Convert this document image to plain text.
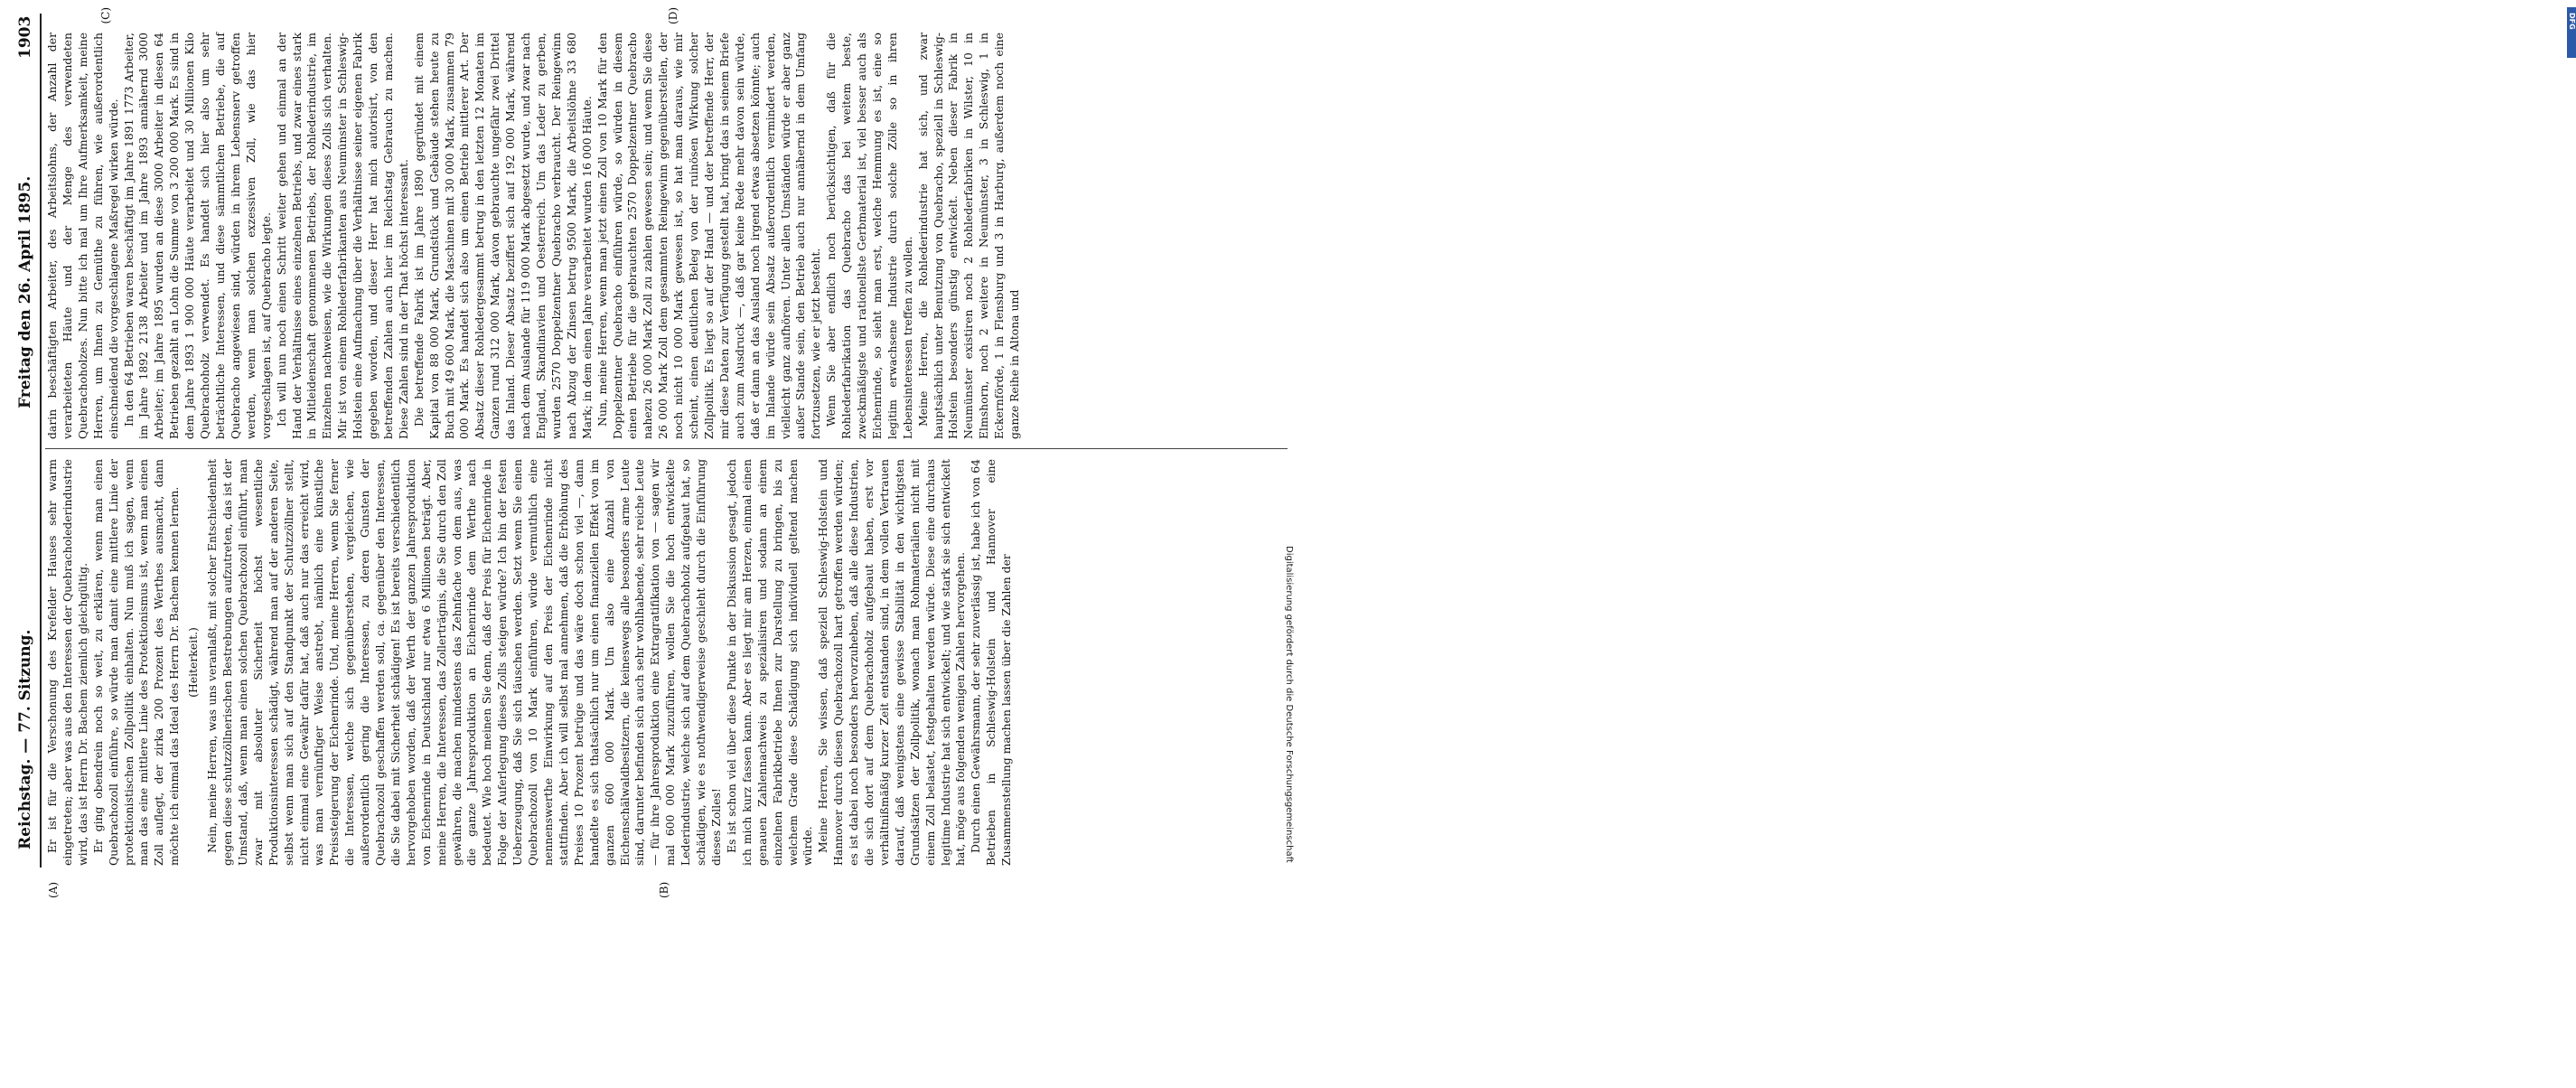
Reichstag. — 77. Sitzung.
Freitag den 26. April 1895.
1903
(A)	(B)
(C)	(D)

Er ist für die Verschonung des Krefelder Hauses sehr warm eingetreten; aber was aus den Interessen der Quebracholederindustrie wird, das ist Herrn Dr. Bachem ziemlich gleichgültig. Er ging obendrein noch so weit, zu erklären, wenn man einen Quebrachozoll einführe, so würde man damit eine mittlere Linie der protektionistischen Zollpolitik einhalten. Nun muß ich sagen, wenn man das eine mittlere Linie des Protektionismus ist, wenn man einen Zoll auflegt, der zirka 200 Prozent des Werthes ausmacht, dann möchte ich einmal das Ideal des Herrn Dr. Bachem kennen lernen. (Heiterkeit.) Nein, meine Herren, was uns veranlaßt, mit solcher Entschiedenheit gegen diese schutzzöllnerischen Bestrebungen aufzutreten, das ist der Umstand, daß, wenn man einen solchen Quebrachozoll einführt, man zwar mit absoluter Sicherheit höchst wesentliche Produktionsinteressen schädigt, während man auf der anderen Seite, selbst wenn man sich auf den Standpunkt der Schutzzöllner stellt, nicht einmal eine Gewähr dafür hat, daß auch nur das erreicht wird, was man vernünftiger Weise anstrebt, nämlich eine künstliche Preissteigerung der Eichenrinde. Und, meine Herren, wenn Sie ferner die Interessen, welche sich gegenüberstehen, vergleichen, wie außerordentlich gering die Interessen, zu deren Gunsten der Quebrachozoll geschaffen werden soll, ca. gegenüber den Interessen, die Sie dabei mit Sicherheit schädigen! Es ist bereits verschiedentlich hervorgehoben worden, daß der Werth der ganzen Jahresproduktion von Eichenrinde in Deutschland nur etwa 6 Millionen beträgt. Aber, meine Herren, die Interessen, das Zollerträgnis, die Sie durch den Zoll gewähren, die machen mindestens das Zehnfache von dem aus, was die ganze Jahresproduktion an Eichenrinde dem Werthe nach bedeutet. Wie hoch meinen Sie denn, daß der Preis für Eichenrinde in Folge der Auferlegung dieses Zolls steigen würde? Ich bin der festen Ueberzeugung, daß Sie sich täuschen werden. Setzt wenn Sie einen Quebrachozoll von 10 Mark einführen, würde vermuthlich eine nennenswerthe Einwirkung auf den Preis der Eichenrinde nicht stattfinden. Aber ich will selbst mal annehmen, daß die Erhöhung des Preises 10 Prozent betrüge und das wäre doch schon viel —, dann handelte es sich thatsächlich nur um einen finanziellen Effekt von im ganzen 600 000 Mark. Um also eine Anzahl von Eichenschälwaldbesitzern, die keineswegs alle besonders arme Leute sind, darunter befinden sich auch sehr wohlhabende, sehr reiche Leute — für ihre Jahresproduktion eine Extragratifikation von — sagen wir mal 600 000 Mark zuzuführen, wollen Sie die hoch entwickelte Lederindustrie, welche sich auf dem Quebrachoholz aufgebaut hat, so schädigen, wie es nothwendigerweise geschieht durch die Einführung dieses Zolles! Es ist schon viel über diese Punkte in der Diskussion gesagt, jedoch ich mich kurz fassen kann. Aber es liegt mir am Herzen, einmal einen genauen Zahlennachweis zu spezialisiren und sodann an einem einzelnen Fabrikbetriebe Ihnen zur Darstellung zu bringen, bis zu welchem Grade diese Schädigung sich individuell geltend machen würde. Meine Herren, Sie wissen, daß speziell Schleswig-Holstein und Hannover durch diesen Quebrachozoll hart getroffen werden würden; es ist dabei noch besonders hervorzuheben, daß alle diese Industrien, die sich dort auf dem Quebrachoholz aufgebaut haben, erst vor verhältnißmäßig kurzer Zeit entstanden sind, in dem vollen Vertrauen darauf, daß wenigstens eine gewisse Stabilität in den wichtigsten Grundsätzen der Zollpolitik, wonach man Rohmaterialien nicht mit einem Zoll belastet, festgehalten werden würde. Diese eine durchaus legitime Industrie hat sich entwickelt; und wie stark sie sich entwickelt hat, möge aus folgenden wenigen Zahlen hervorgehen. Durch einen Gewährsmann, der sehr zuverlässig ist, habe ich von 64 Betrieben in Schleswig-Holstein und Hannover eine Zusammenstellung machen lassen über die Zahlen der

darin beschäftigten Arbeiter, des Arbeitslohns, der Anzahl der verarbeiteten Häute und der Menge des verwendeten Quebrachoholzes. Nun bitte ich mal um Ihre Aufmerksamkeit, meine Herren, um Ihnen zu Gemüthe zu führen, wie außerordentlich einschneidend die vorgeschlagene Maßregel wirken würde. In den 64 Betrieben waren beschäftigt im Jahre 1891 1773 Arbeiter, im Jahre 1892 2138 Arbeiter und im Jahre 1893 annähernd 3000 Arbeiter; im Jahre 1895 wurden an diese 3000 Arbeiter in diesen 64 Betrieben gezahlt an Lohn die Summe von 3 200 000 Mark. Es sind in dem Jahre 1893 1 900 000 Häute verarbeitet und 30 Millionen Kilo Quebrachoholz verwendet. Es handelt sich hier also um sehr beträchtliche Interessen, und diese sämmtlichen Betriebe, die auf Quebracho angewiesen sind, würden in ihrem Lebensnerv getroffen werden, wenn man solchen exzessiven Zoll, wie das hier vorgeschlagen ist, auf Quebracho legte. Ich will nun noch einen Schritt weiter gehen und einmal an der Hand der Verhältnisse eines einzelnen Betriebs, und zwar eines stark in Mitleidenschaft genommenen Betriebs, der Rohlederindustrie, im Einzelnen nachweisen, wie die Wirkungen dieses Zolls sich verhalten. Mir ist von einem Rohlederfabrikanten aus Neumünster in Schleswig-Holstein eine Aufmachung über die Verhältnisse seiner eigenen Fabrik gegeben worden, und dieser Herr hat mich autorisirt, von den betreffenden Zahlen auch hier im Reichstag Gebrauch zu machen. Diese Zahlen sind in der That höchst interessant. Die betreffende Fabrik ist im Jahre 1890 gegründet mit einem Kapital von 88 000 Mark, Grundstück und Gebäude stehen heute zu Buch mit 49 600 Mark, die Maschinen mit 30 000 Mark, zusammen 79 000 Mark. Es handelt sich also um einen Betrieb mittlerer Art. Der Absatz dieser Rohledergesammt betrug in den letzten 12 Monaten im Ganzen rund 312 000 Mark, davon gebrauchte ungefähr zwei Drittel das Inland. Dieser Absatz beziffert sich auf 192 000 Mark, während nach dem Auslande für 119 000 Mark abgesetzt wurde, und zwar nach England, Skandinavien und Oesterreich. Um das Leder zu gerben, wurden 2570 Doppelzentner Quebracho verbraucht. Der Reingewinn nach Abzug der Zinsen betrug 9500 Mark, die Arbeitslöhne 33 680 Mark; in dem einen Jahre verarbeitet wurden 16 000 Häute. Nun, meine Herren, wenn man jetzt einen Zoll von 10 Mark für den Doppelzentner Quebracho einführen würde, so würden in diesem einen Betriebe für die gebrauchten 2570 Doppelzentner Quebracho nahezu 26 000 Mark Zoll zu zahlen gewesen sein; und wenn Sie diese 26 000 Mark Zoll dem gesammten Reingewinn gegenüberstellen, der noch nicht 10 000 Mark gewesen ist, so hat man daraus, wie mir scheint, einen deutlichen Beleg von der ruinösen Wirkung solcher Zollpolitik. Es liegt so auf der Hand — und der betreffende Herr, der mir diese Daten zur Verfügung gestellt hat, bringt das in seinem Briefe auch zum Ausdruck —, daß gar keine Rede mehr davon sein würde, daß er dann an das Ausland noch irgend etwas absetzen könnte; auch im Inlande würde sein Absatz außerordentlich vermindert werden, vielleicht ganz aufhören. Unter allen Umständen würde er aber ganz außer Stande sein, den Betrieb auch nur annähernd in dem Umfang fortzusetzen, wie er jetzt besteht. Wenn Sie aber endlich noch berücksichtigen, daß für die Rohlederfabrikation das Quebracho das bei weitem beste, zweckmäßigste und rationellste Gerbmaterial ist, viel besser auch als Eichenrinde, so sieht man erst, welche Hemmung es ist, eine so legitim erwachsene Industrie durch solche Zölle so in ihren Lebensinteressen treffen zu wollen. Meine Herren, die Rohlederindustrie hat sich, und zwar hauptsächlich unter Benutzung von Quebracho, speziell in Schleswig-Holstein besonders günstig entwickelt. Neben dieser Fabrik in Neumünster existiren noch 2 Rohlederfabriken in Wilster, 10 in Elmshorn, noch 2 weitere in Neumünster, 3 in Schleswig, 1 in Eckernförde, 1 in Flensburg und 3 in Harburg, außerdem noch eine ganze Reihe in Altona und

DFG
Digitalisierung gefördert durch die Deutsche Forschungsgemeinschaft
